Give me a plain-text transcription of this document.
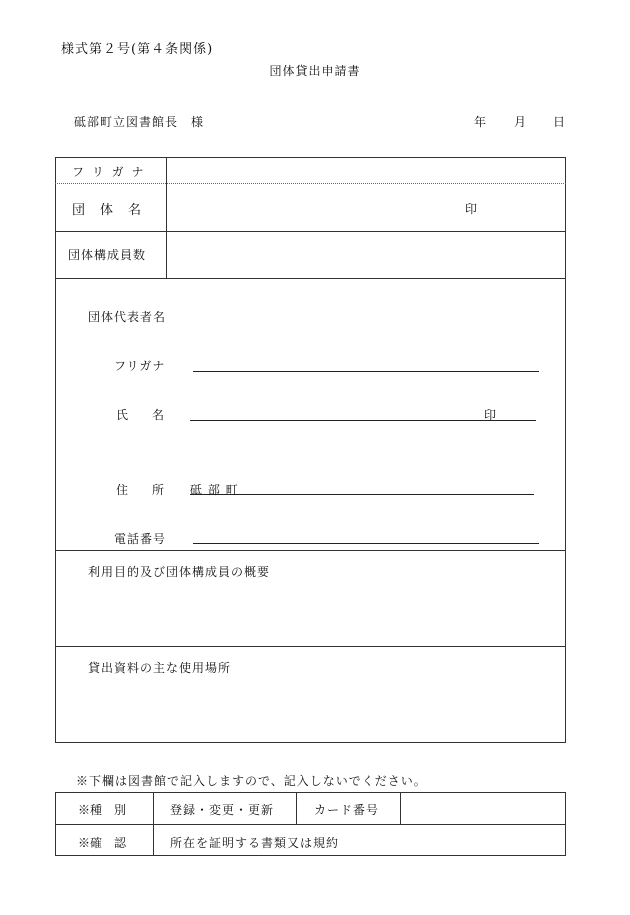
様式第２号(第４条関係)
団体貸出申請書
砥部町立図書館長　様	年 月 日
フ リ ガ ナ
団　体　名	印
団体構成員数
団体代表者名
フリガナ
氏　　名	印
住　　所 砥 部 町
電話番号
利用目的及び団体構成員の概要
貸出資料の主な使用場所
※下欄は図書館で記入しますので、記入しないでください。
※種　別	登録・変更・更新	カード番号
※確　認	所在を証明する書類又は規約
